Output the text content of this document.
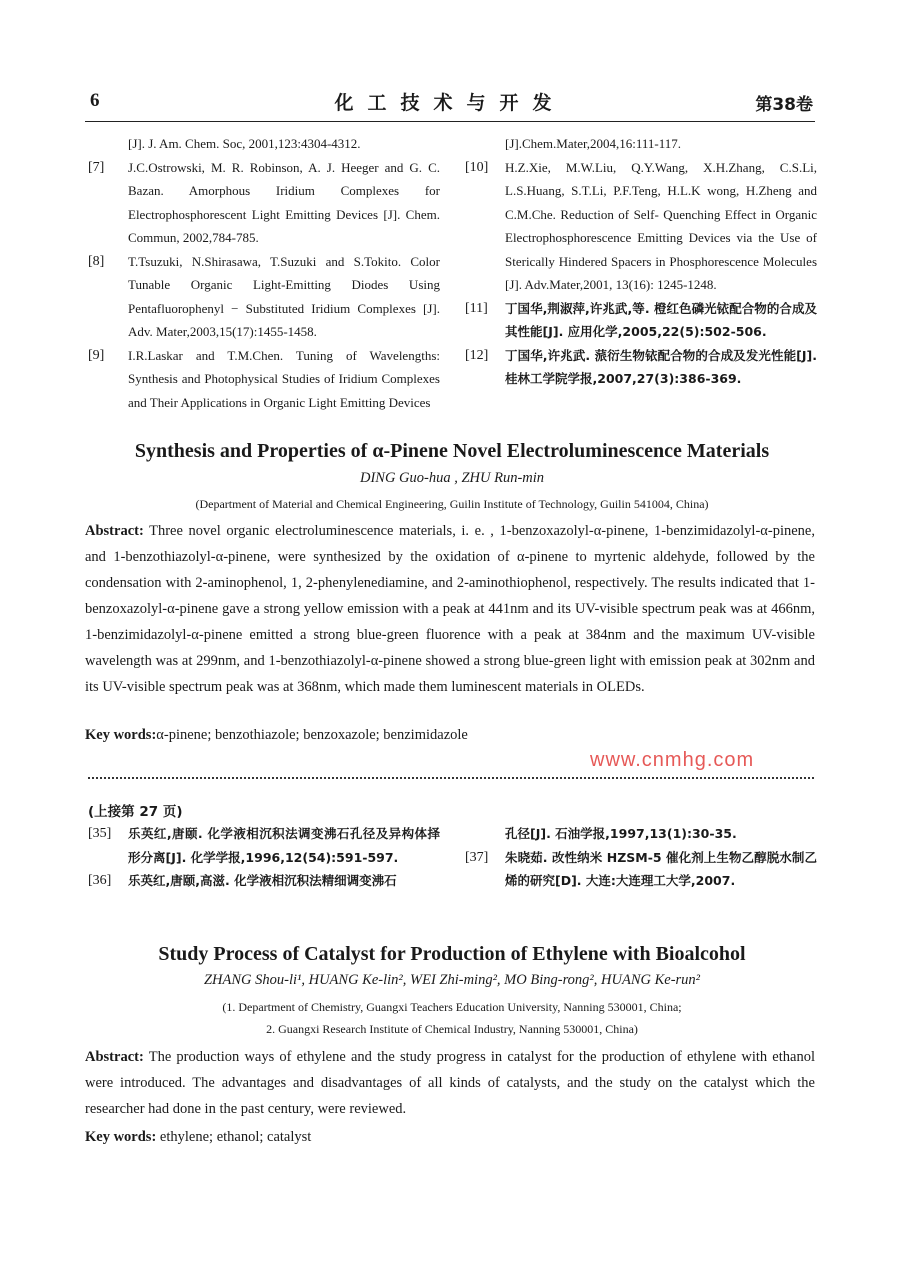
6	化工技术与开发	第38卷
[J]. J. Am. Chem. Soc, 2001,123:4304-4312.
[7]	J.C.Ostrowski, M. R. Robinson, A. J. Heeger and G. C. Bazan. Amorphous Iridium Complexes for Electrophosphorescent Light Emitting Devices [J]. Chem. Commun, 2002,784-785.
[8]	T.Tsuzuki, N.Shirasawa, T.Suzuki and S.Tokito. Color Tunable Organic Light-Emitting Diodes Using Pentafluorophenyl − Substituted Iridium Complexes [J]. Adv. Mater,2003,15(17):1455-1458.
[9]	I.R.Laskar and T.M.Chen. Tuning of Wavelengths: Synthesis and Photophysical Studies of Iridium Complexes and Their Applications in Organic Light Emitting Devices
[J].Chem.Mater,2004,16:111-117.
[10]	H.Z.Xie, M.W.Liu, Q.Y.Wang, X.H.Zhang, C.S.Li, L.S.Huang, S.T.Li, P.F.Teng, H.L.K wong, H.Zheng and C.M.Che. Reduction of Self- Quenching Effect in Organic Electrophosphorescence Emitting Devices via the Use of Sterically Hindered Spacers in Phosphorescence Molecules [J]. Adv.Mater,2001, 13(16): 1245-1248.
[11]	丁国华,荆淑萍,许兆武,等. 橙红色磷光铱配合物的合成及其性能[J]. 应用化学,2005,22(5):502-506.
[12]	丁国华,许兆武. 蒎衍生物铱配合物的合成及发光性能[J]. 桂林工学院学报,2007,27(3):386-369.
Synthesis and Properties of α-Pinene Novel Electroluminescence Materials
DING Guo-hua , ZHU Run-min
(Department of Material and Chemical Engineering, Guilin Institute of Technology, Guilin 541004, China)
Abstract: Three novel organic electroluminescence materials, i. e. , 1-benzoxazolyl-α-pinene, 1-benzimidazolyl-α-pinene, and 1-benzothiazolyl-α-pinene, were synthesized by the oxidation of α-pinene to myrtenic aldehyde, followed by the condensation with 2-aminophenol, 1, 2-phenylenediamine, and 2-aminothiophenol, respectively. The results indicated that 1-benzoxazolyl-α-pinene gave a strong yellow emission with a peak at 441nm and its UV-visible spectrum peak was at 466nm, 1-benzimidazolyl-α-pinene emitted a strong blue-green fluorence with a peak at 384nm and the maximum UV-visible wavelength was at 299nm, and 1-benzothiazolyl-α-pinene showed a strong blue-green light with emission peak at 302nm and its UV-visible spectrum peak was at 368nm, which made them luminescent materials in OLEDs.
Key words:α-pinene; benzothiazole; benzoxazole; benzimidazole
www.cnmhg.com
(上接第 27 页)
[35]	乐英红,唐颐. 化学液相沉积法调变沸石孔径及异构体择形分离[J]. 化学学报,1996,12(54):591-597.
[36]	乐英红,唐颐,高滋. 化学液相沉积法精细调变沸石
孔径[J]. 石油学报,1997,13(1):30-35.
[37]	朱晓茹. 改性纳米 HZSM-5 催化剂上生物乙醇脱水制乙烯的研究[D]. 大连:大连理工大学,2007.
Study Process of Catalyst for Production of Ethylene with Bioalcohol
ZHANG Shou-li¹, HUANG Ke-lin², WEI Zhi-ming², MO Bing-rong², HUANG Ke-run²
(1. Department of Chemistry, Guangxi Teachers Education University, Nanning 530001, China;
2. Guangxi Research Institute of Chemical Industry, Nanning 530001, China)
Abstract: The production ways of ethylene and the study progress in catalyst for the production of ethylene with ethanol were introduced. The advantages and disadvantages of all kinds of catalysts, and the study on the catalyst which the researcher had done in the past century, were reviewed.
Key words: ethylene; ethanol; catalyst
